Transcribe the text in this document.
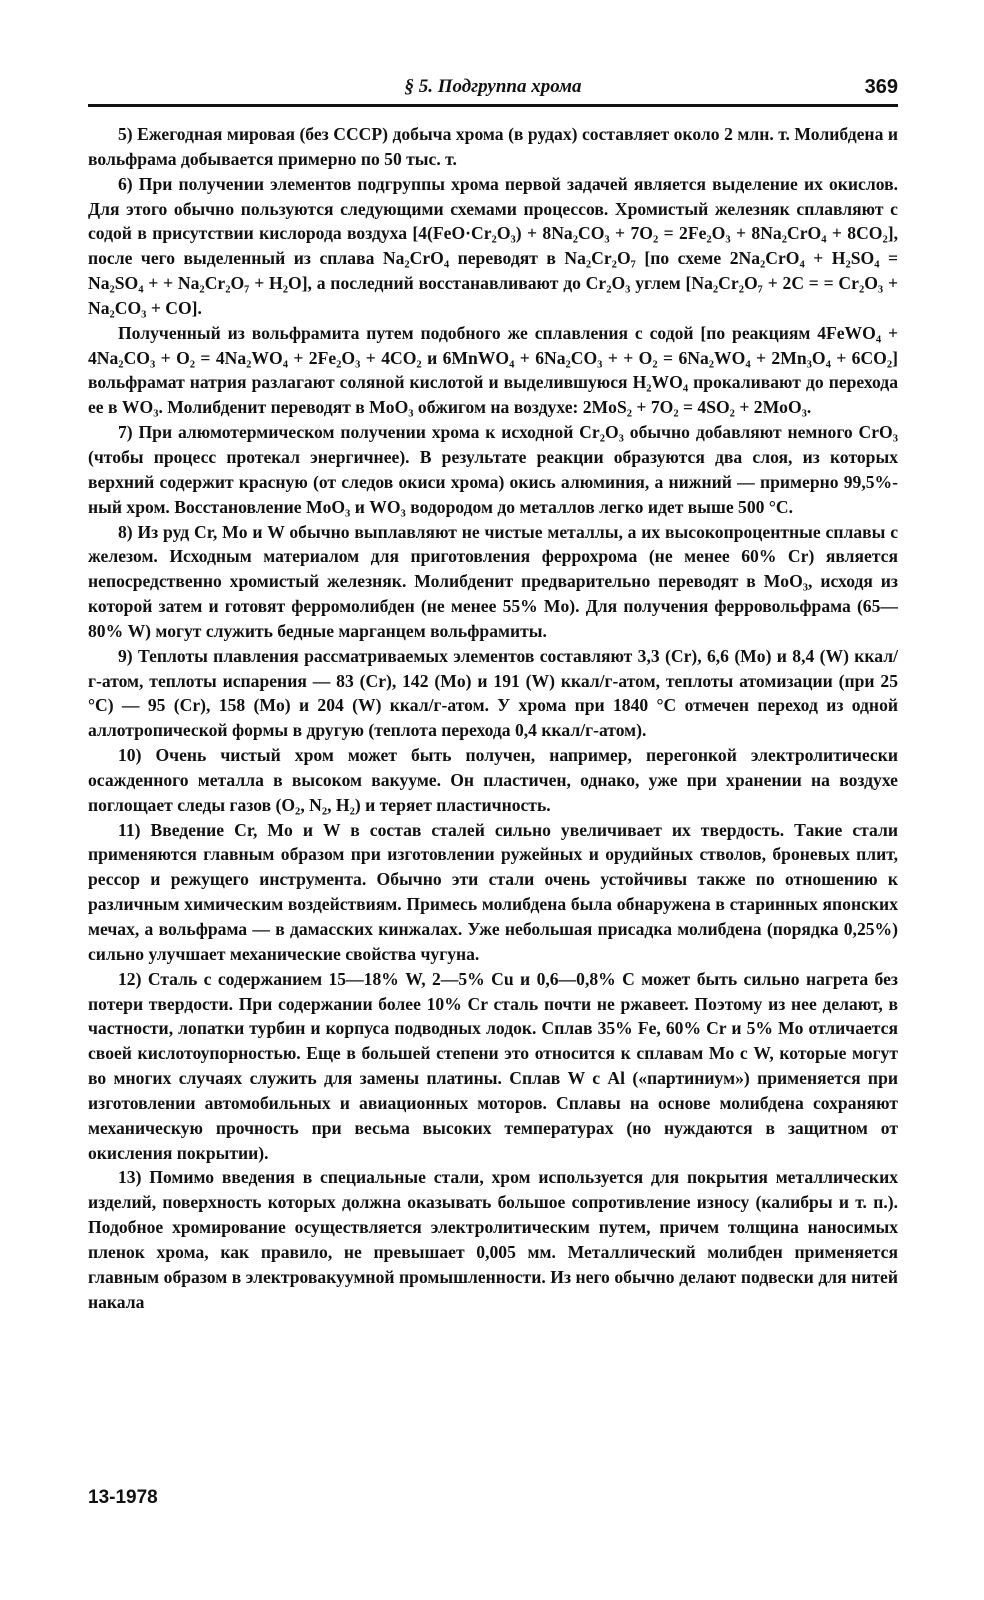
§ 5. Подгруппа хрома	369

5) Ежегодная мировая (без СССР) добыча хрома (в рудах) составляет около 2 млн. т. Молибдена и вольфрама добывается примерно по 50 тыс. т.

6) При получении элементов подгруппы хрома первой задачей является выделение их окислов. Для этого обычно пользуются следующими схемами процессов. Хромистый железняк сплавляют с содой в присутствии кислорода воздуха [4(FeO·Cr₂O₃) + 8Na₂CO₃ + 7O₂ = 2Fe₂O₃ + 8Na₂CrO₄ + 8CO₂], после чего выделенный из сплава Na₂CrO₄ переводят в Na₂Cr₂O₇ [по схеме 2Na₂CrO₄ + H₂SO₄ = Na₂SO₄ + + Na₂Cr₂O₇ + H₂O], а последний восстанавливают до Cr₂O₃ углем [Na₂Cr₂O₇ + 2C = = Cr₂O₃ + Na₂CO₃ + CO].

Полученный из вольфрамита путем подобного же сплавления с содой [по реакциям 4FeWO₄ + 4Na₂CO₃ + O₂ = 4Na₂WO₄ + 2Fe₂O₃ + 4CO₂ и 6MnWO₄ + 6Na₂CO₃ + + O₂ = 6Na₂WO₄ + 2Mn₃O₄ + 6CO₂] вольфрамат натрия разлагают соляной кислотой и выделившуюся H₂WO₄ прокаливают до перехода ее в WO₃. Молибденит переводят в MoO₃ обжигом на воздухе: 2MoS₂ + 7O₂ = 4SO₂ + 2MoO₃.

7) При алюмотермическом получении хрома к исходной Cr₂O₃ обычно добавляют немного CrO₃ (чтобы процесс протекал энергичнее). В результате реакции образуются два слоя, из которых верхний содержит красную (от следов окиси хрома) окись алюминия, а нижний — примерно 99,5%-ный хром. Восстановление MoO₃ и WO₃ водородом до металлов легко идет выше 500 °С.

8) Из руд Cr, Mo и W обычно выплавляют не чистые металлы, а их высокопроцентные сплавы с железом. Исходным материалом для приготовления феррохрома (не менее 60% Cr) является непосредственно хромистый железняк. Молибденит предварительно переводят в MoO₃, исходя из которой затем и готовят ферромолибден (не менее 55% Mo). Для получения ферровольфрама (65—80% W) могут служить бедные марганцем вольфрамиты.

9) Теплоты плавления рассматриваемых элементов составляют 3,3 (Cr), 6,6 (Mo) и 8,4 (W) ккал/г-атом, теплоты испарения — 83 (Cr), 142 (Mo) и 191 (W) ккал/г-атом, теплоты атомизации (при 25 °С) — 95 (Cr), 158 (Mo) и 204 (W) ккал/г-атом. У хрома при 1840 °С отмечен переход из одной аллотропической формы в другую (теплота перехода 0,4 ккал/г-атом).

10) Очень чистый хром может быть получен, например, перегонкой электролитически осажденного металла в высоком вакууме. Он пластичен, однако, уже при хранении на воздухе поглощает следы газов (O₂, N₂, H₂) и теряет пластичность.

11) Введение Cr, Mo и W в состав сталей сильно увеличивает их твердость. Такие стали применяются главным образом при изготовлении ружейных и орудийных стволов, броневых плит, рессор и режущего инструмента. Обычно эти стали очень устойчивы также по отношению к различным химическим воздействиям. Примесь молибдена была обнаружена в старинных японских мечах, а вольфрама — в дамасских кинжалах. Уже небольшая присадка молибдена (порядка 0,25%) сильно улучшает механические свойства чугуна.

12) Сталь с содержанием 15—18% W, 2—5% Cu и 0,6—0,8% C может быть сильно нагрета без потери твердости. При содержании более 10% Cr сталь почти не ржавеет. Поэтому из нее делают, в частности, лопатки турбин и корпуса подводных лодок. Сплав 35% Fe, 60% Cr и 5% Mo отличается своей кислотоупорностью. Еще в большей степени это относится к сплавам Mo с W, которые могут во многих случаях служить для замены платины. Сплав W с Al («партиниум») применяется при изготовлении автомобильных и авиационных моторов. Сплавы на основе молибдена сохраняют механическую прочность при весьма высоких температурах (но нуждаются в защитном от окисления покрытии).

13) Помимо введения в специальные стали, хром используется для покрытия металлических изделий, поверхность которых должна оказывать большое сопротивление износу (калибры и т. п.). Подобное хромирование осуществляется электролитическим путем, причем толщина наносимых пленок хрома, как правило, не превышает 0,005 мм. Металлический молибден применяется главным образом в электровакуумной промышленности. Из него обычно делают подвески для нитей накала

13-1978
